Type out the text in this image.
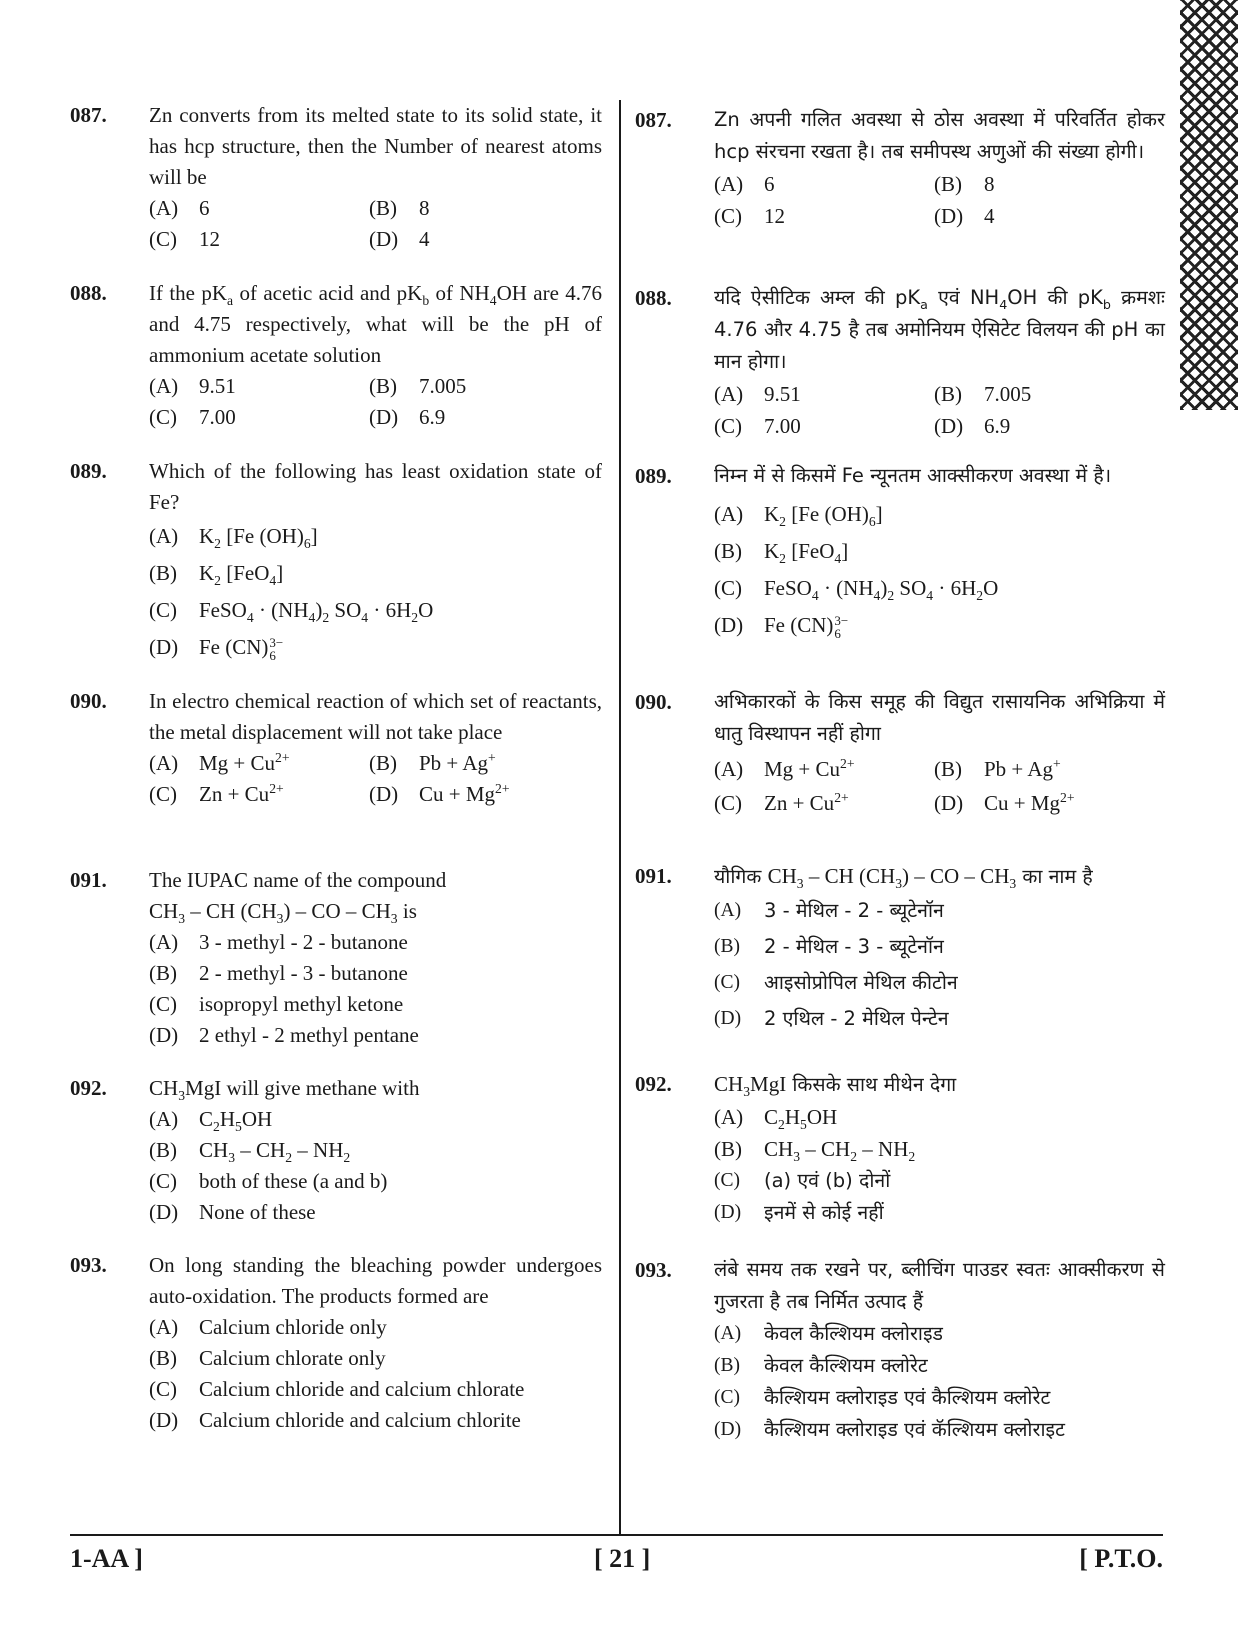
087. Zn converts from its melted state to its solid state, it has hcp structure, then the Number of nearest atoms will be
(A) 6	(B)	8
(C)	12	(D) 4
088. If the $pK_a$ of acetic acid and $pK_b$ of $NH_4OH$ are 4.76 and 4.75 respectively, what will be the pH of ammonium acetate solution
(A) 9.51	(B)	7.005
(C)	7.00	(D) 6.9
089. Which of the following has least oxidation state of Fe?
(A) $K_2$ [Fe $(OH)_6$]
(B)	$K_2$ [FeO$_4$]
(C)	FeSO$_4$ · $(NH_4)_2$ $SO_4 \cdot 6H_2O$
(D) Fe (CN) 3−
6
090. In electro chemical reaction of which set of reactants, the metal displacement will not take place
(A) $Mg + Cu^{2+}$	(B)	Pb + Ag+
(C)	$Zn + Cu^{2+}$	(D) $Cu + Mg^{2+}$
091. The IUPAC name of the compound
$CH_3$ – CH $(CH_3)$ – CO – $CH_3$ is
(A) 3 - methyl - 2 - butanone
(B)	2 - methyl - 3 - butanone
(C)	isopropyl methyl ketone
(D) 2 ethyl - 2 methyl pentane
092. $CH_3MgI$ will give methane with
(A) $C_2H_5OH$
(B)	$CH_3 - CH_2 - NH_2$
(C)	both of these (a and b)
(D) None of these
093. On long standing the bleaching powder undergoes auto-oxidation. The products formed are
(A) Calcium chloride only
(B)	Calcium chlorate only
(C)	Calcium chloride and calcium chlorate
(D) Calcium chloride and calcium chlorite
087. Zn अपनी गलित अवस्था से ठोस अवस्था में परिवर्तित होकर hcp संरचना रखता है। तब समीपस्थ अणुओं की संख्या होगी।
(A) 6	(B)	8
(C)	12	(D) 4
088. यदि ऐसीटिक अम्ल की $pK_a$ एवं $NH_4OH$ की $pK_b$ क्रमशः 4.76 और 4.75 है तब अमोनियम ऐसिटेट विलयन की pH का मान होगा।
(A) 9.51	(B)	7.005
(C)	7.00	(D) 6.9
089. निम्न में से किसमें Fe न्यूनतम आक्सीकरण अवस्था में है।
(A) $K_2$ [Fe $(OH)_6$]
(B)	$K_2$ [FeO$_4$]
(C)	FeSO$_4$ · $(NH_4)_2$ $SO_4 \cdot 6H_2O$
(D) Fe (CN) 3−
6
090. अभिकारकों के किस समूह की विद्युत रासायनिक अभिक्रिया में धातु विस्थापन नहीं होगा
(A) $Mg + Cu^{2+}$	(B)	Pb + Ag+
(C)	$Zn + Cu^{2+}$	(D) $Cu + Mg^{2+}$
091. यौगिक $CH_3$ – CH $(CH_3)$ – CO – $CH_3$ का नाम है
(A)	3 - मेथिल - 2 - ब्यूटेनॉन
(B)	2 - मेथिल - 3 - ब्यूटेनॉन
(C)	आइसोप्रोपिल मेथिल कीटोन
(D)	2 एथिल - 2 मेथिल पेन्टेन
092. $CH_3MgI$ किसके साथ मीथेन देगा
(A) $C_2H_5OH$
(B)	$CH_3 - CH_2 - NH_2$
(C)	(a) एवं (b) दोनों
(D)	इनमें से कोई नहीं
093. लंबे समय तक रखने पर, ब्लीचिंग पाउडर स्वतः आक्सीकरण से गुजरता है तब निर्मित उत्पाद हैं
(A)	केवल कैल्शियम क्लोराइड
(B)	केवल कैल्शियम क्लोरेट
(C)	कैल्शियम क्लोराइड एवं कैल्शियम क्लोरेट
(D)	कैल्शियम क्लोराइड एवं कॅल्शियम क्लोराइट
1-AA ]	[ 21 ]	[ P.T.O.
